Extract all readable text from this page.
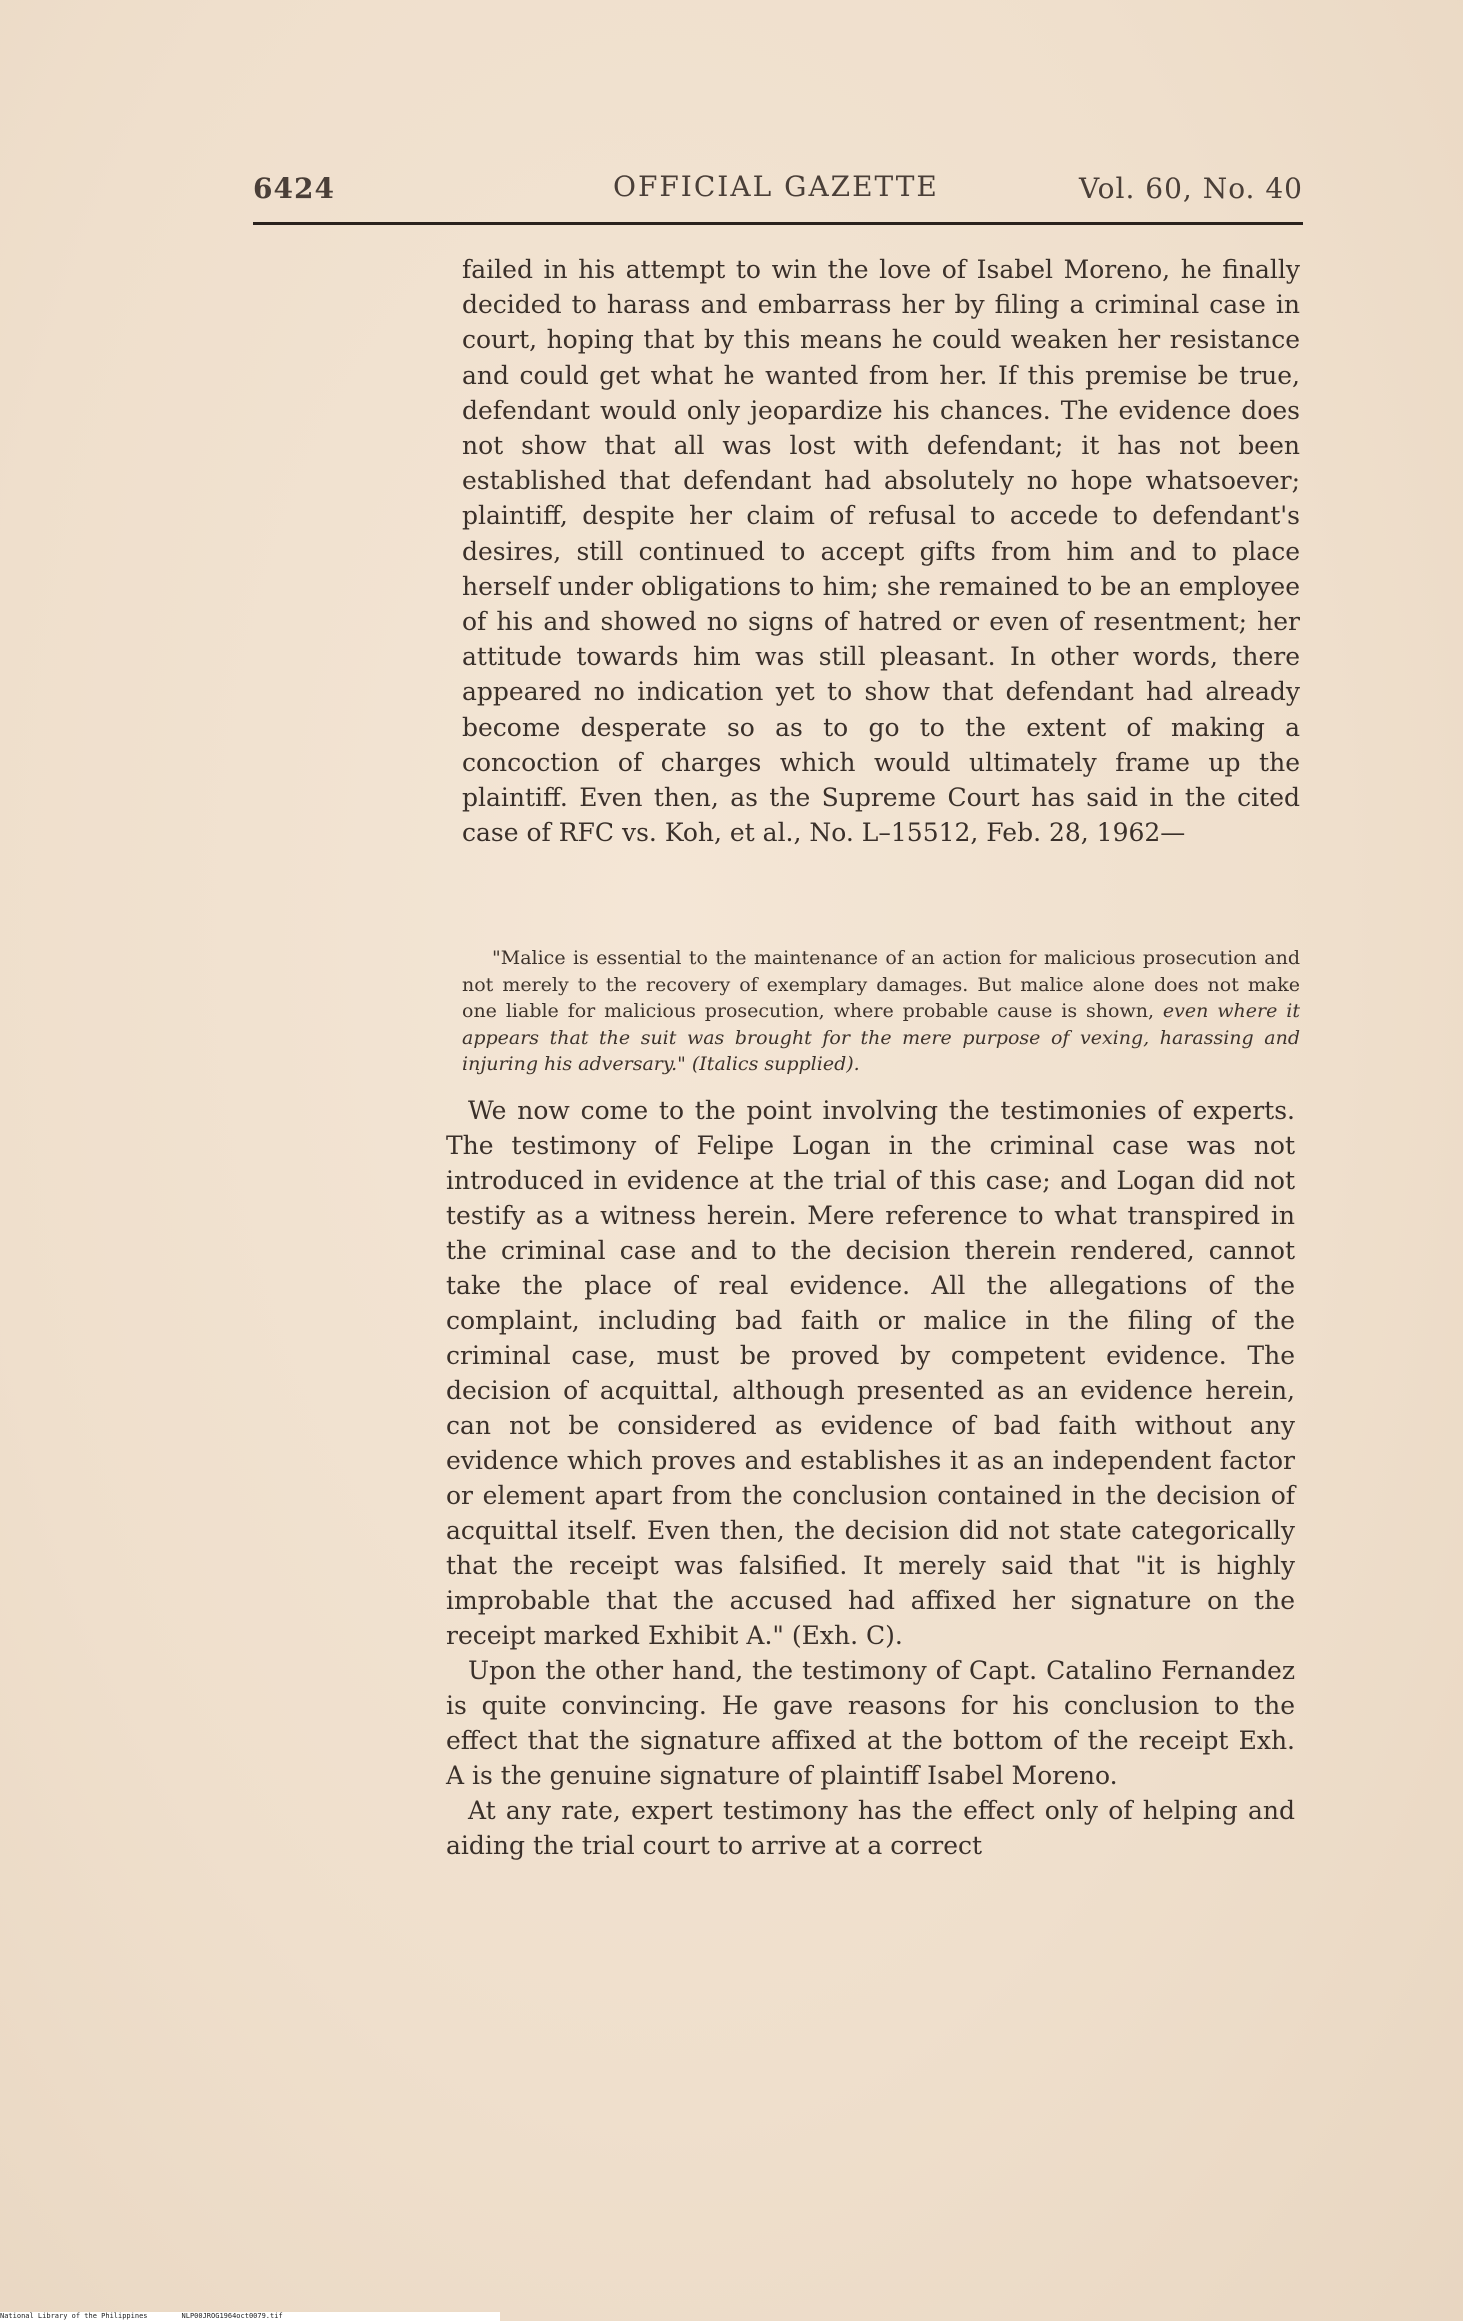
6424	OFFICIAL GAZETTE	Vol. 60, No. 40

failed in his attempt to win the love of Isabel Moreno, he finally decided to harass and embarrass her by filing a criminal case in court, hoping that by this means he could weaken her resistance and could get what he wanted from her. If this premise be true, defendant would only jeopardize his chances. The evidence does not show that all was lost with defendant; it has not been established that defendant had absolutely no hope whatsoever; plaintiff, despite her claim of refusal to accede to defendant's desires, still continued to accept gifts from him and to place herself under obligations to him; she remained to be an employee of his and showed no signs of hatred or even of resentment; her attitude towards him was still pleasant. In other words, there appeared no indication yet to show that defendant had already become desperate so as to go to the extent of making a concoction of charges which would ultimately frame up the plaintiff. Even then, as the Supreme Court has said in the cited case of RFC vs. Koh, et al., No. L–15512, Feb. 28, 1962—

"Malice is essential to the maintenance of an action for malicious prosecution and not merely to the recovery of exemplary damages. But malice alone does not make one liable for malicious prosecution, where probable cause is shown, even where it appears that the suit was brought for the mere purpose of vexing, harassing and injuring his adversary." (Italics supplied).

We now come to the point involving the testimonies of experts. The testimony of Felipe Logan in the criminal case was not introduced in evidence at the trial of this case; and Logan did not testify as a witness herein. Mere reference to what transpired in the criminal case and to the decision therein rendered, cannot take the place of real evidence. All the allegations of the complaint, including bad faith or malice in the filing of the criminal case, must be proved by competent evidence. The decision of acquittal, although presented as an evidence herein, can not be considered as evidence of bad faith without any evidence which proves and establishes it as an independent factor or element apart from the conclusion contained in the decision of acquittal itself. Even then, the decision did not state categorically that the receipt was falsified. It merely said that "it is highly improbable that the accused had affixed her signature on the receipt marked Exhibit A." (Exh. C).

Upon the other hand, the testimony of Capt. Catalino Fernandez is quite convincing. He gave reasons for his conclusion to the effect that the signature affixed at the bottom of the receipt Exh. A is the genuine signature of plaintiff Isabel Moreno.

At any rate, expert testimony has the effect only of helping and aiding the trial court to arrive at a correct

National Library of the Philippines	NLP00JROG1964oct0079.tif
